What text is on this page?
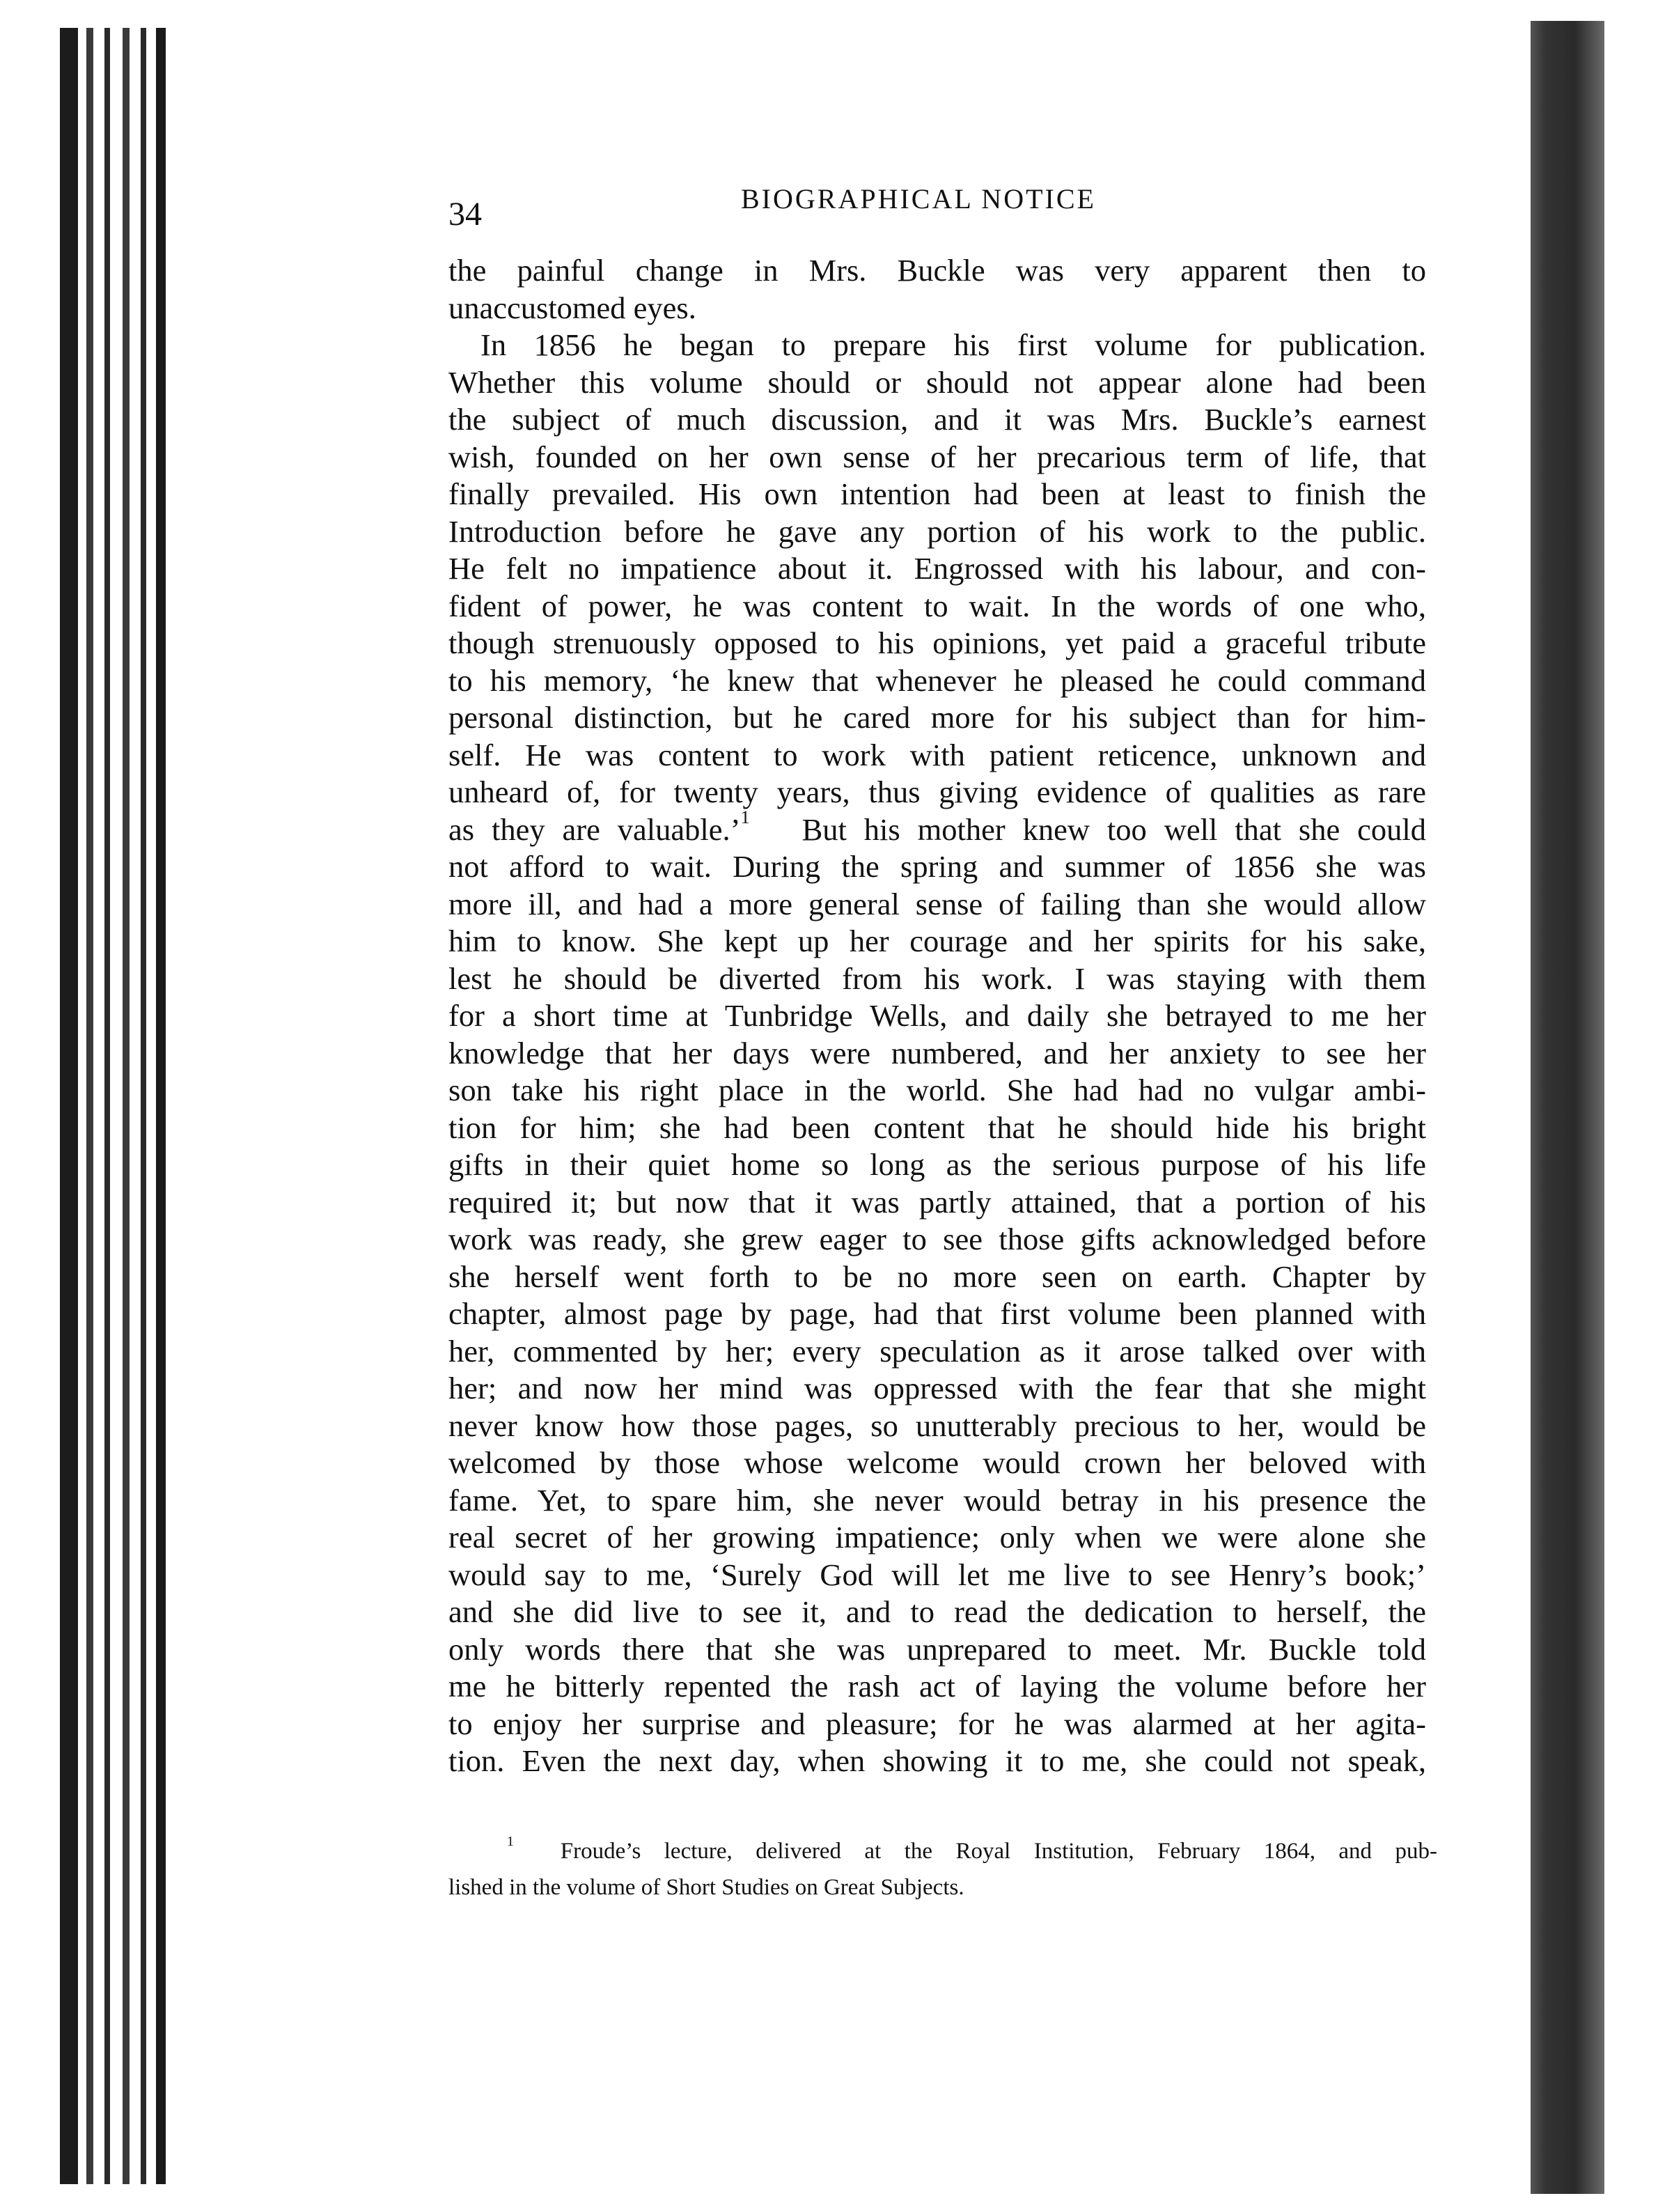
34	BIOGRAPHICAL NOTICE
the painful change in Mrs. Buckle was very apparent then to
unaccustomed eyes.
In 1856 he began to prepare his first volume for publication.
Whether this volume should or should not appear alone had been
the subject of much discussion, and it was Mrs. Buckle’s earnest
wish, founded on her own sense of her precarious term of life, that
finally prevailed. His own intention had been at least to finish the
Introduction before he gave any portion of his work to the public.
He felt no impatience about it. Engrossed with his labour, and con-
fident of power, he was content to wait. In the words of one who,
though strenuously opposed to his opinions, yet paid a graceful tribute
to his memory, ‘he knew that whenever he pleased he could command
personal distinction, but he cared more for his subject than for him-
self. He was content to work with patient reticence, unknown and
unheard of, for twenty years, thus giving evidence of qualities as rare
as they are valuable.’$^1$ But his mother knew too well that she could
not afford to wait. During the spring and summer of 1856 she was
more ill, and had a more general sense of failing than she would allow
him to know. She kept up her courage and her spirits for his sake,
lest he should be diverted from his work. I was staying with them
for a short time at Tunbridge Wells, and daily she betrayed to me her
knowledge that her days were numbered, and her anxiety to see her
son take his right place in the world. She had had no vulgar ambi-
tion for him; she had been content that he should hide his bright
gifts in their quiet home so long as the serious purpose of his life
required it; but now that it was partly attained, that a portion of his
work was ready, she grew eager to see those gifts acknowledged before
she herself went forth to be no more seen on earth. Chapter by
chapter, almost page by page, had that first volume been planned with
her, commented by her; every speculation as it arose talked over with
her; and now her mind was oppressed with the fear that she might
never know how those pages, so unutterably precious to her, would be
welcomed by those whose welcome would crown her beloved with
fame. Yet, to spare him, she never would betray in his presence the
real secret of her growing impatience; only when we were alone she
would say to me, ‘Surely God will let me live to see Henry’s book;’
and she did live to see it, and to read the dedication to herself, the
only words there that she was unprepared to meet. Mr. Buckle told
me he bitterly repented the rash act of laying the volume before her
to enjoy her surprise and pleasure; for he was alarmed at her agita-
tion. Even the next day, when showing it to me, she could not speak,
$^1$ Froude’s lecture, delivered at the Royal Institution, February 1864, and pub-
lished in the volume of Short Studies on Great Subjects.
